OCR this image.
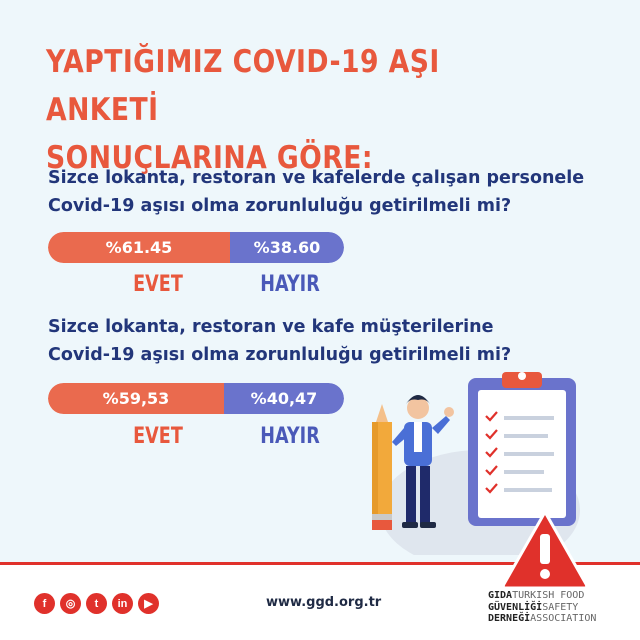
YAPTIĞIMIZ COVID-19 AŞI ANKETİ
SONUÇLARINA GÖRE:
Sizce lokanta, restoran ve kafelerde çalışan personele
Covid-19 aşısı olma zorunluluğu getirilmeli mi?
%61.45	%38.60
EVET	HAYIR
Sizce lokanta, restoran ve kafe müşterilerine
Covid-19 aşısı olma zorunluluğu getirilmeli mi?
%59,53	%40,47
EVET	HAYIR
f	◎	t	in	▶	www.ggd.org.tr	GIDATURKISH FOOD
GÜVENLİĞİSAFETY
DERNEĞİASSOCIATION
